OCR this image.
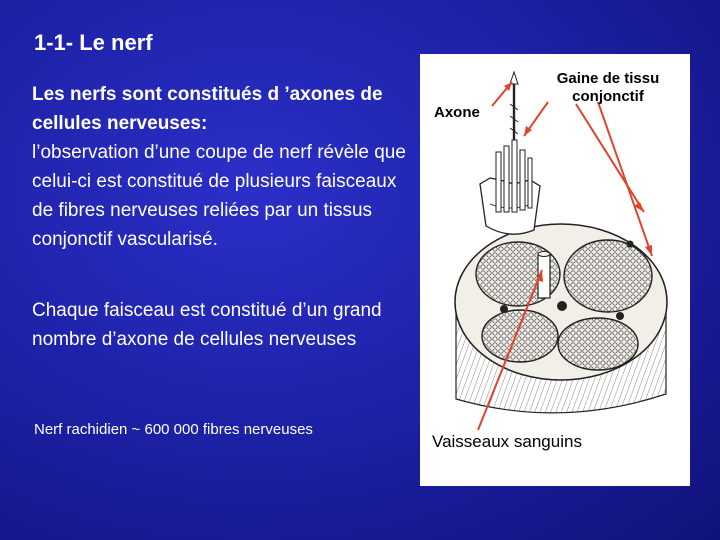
1-1- Le nerf
Les nerfs sont constitués d ’axones de cellules nerveuses:
l’observation d’une coupe de nerf révèle que celui-ci est constitué de plusieurs faisceaux de fibres nerveuses reliées par un tissus conjonctif vascularisé.
Chaque faisceau est constitué d’un grand nombre d’axone de cellules nerveuses
Nerf rachidien ~ 600 000 fibres nerveuses
Axone
Gaine de tissu conjonctif
Vaisseaux sanguins
